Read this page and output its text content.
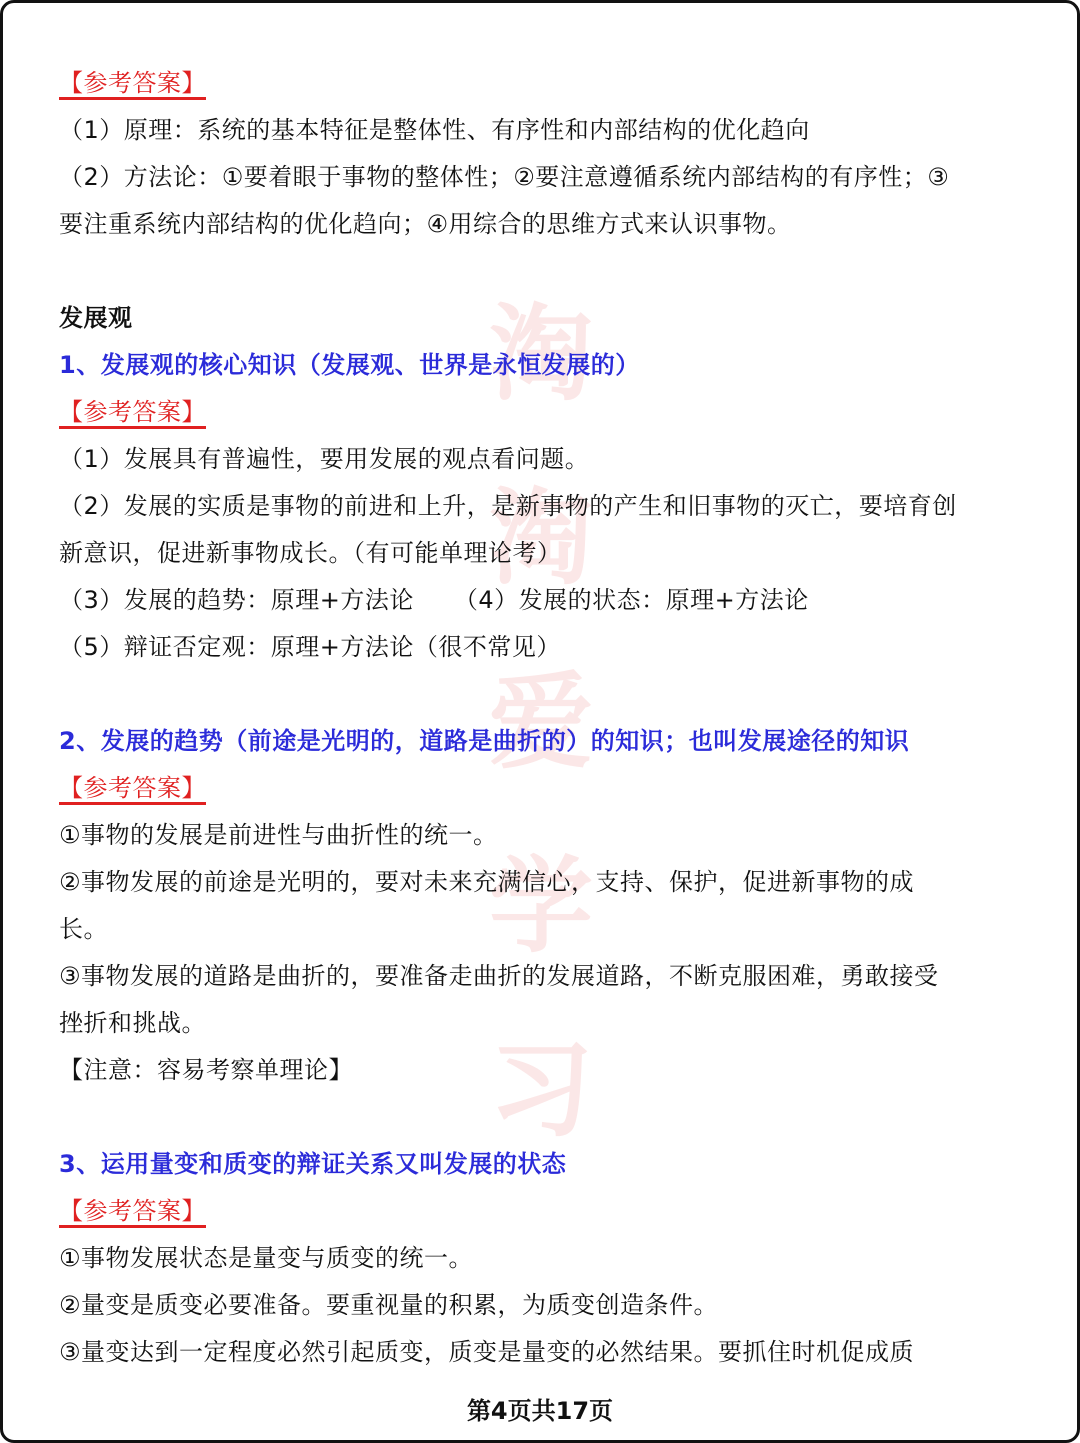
淘
淘
爱
学
习
【参考答案】
（1）原理：系统的基本特征是整体性、有序性和内部结构的优化趋向
（2）方法论：①要着眼于事物的整体性；②要注意遵循系统内部结构的有序性；③
要注重系统内部结构的优化趋向；④用综合的思维方式来认识事物。
发展观
1、发展观的核心知识（发展观、世界是永恒发展的）
【参考答案】
（1）发展具有普遍性，要用发展的观点看问题。
（2）发展的实质是事物的前进和上升，是新事物的产生和旧事物的灭亡，要培育创
新意识，促进新事物成长。（有可能单理论考）
（3）发展的趋势：原理+方法论 （4）发展的状态：原理+方法论
（5）辩证否定观：原理+方法论（很不常见）
2、发展的趋势（前途是光明的，道路是曲折的）的知识；也叫发展途径的知识
【参考答案】
①事物的发展是前进性与曲折性的统一。
②事物发展的前途是光明的，要对未来充满信心，支持、保护，促进新事物的成
长。
③事物发展的道路是曲折的，要准备走曲折的发展道路，不断克服困难，勇敢接受
挫折和挑战。
【注意：容易考察单理论】
3、运用量变和质变的辩证关系又叫发展的状态
【参考答案】
①事物发展状态是量变与质变的统一。
②量变是质变必要准备。要重视量的积累，为质变创造条件。
③量变达到一定程度必然引起质变，质变是量变的必然结果。要抓住时机促成质
第4页共17页
